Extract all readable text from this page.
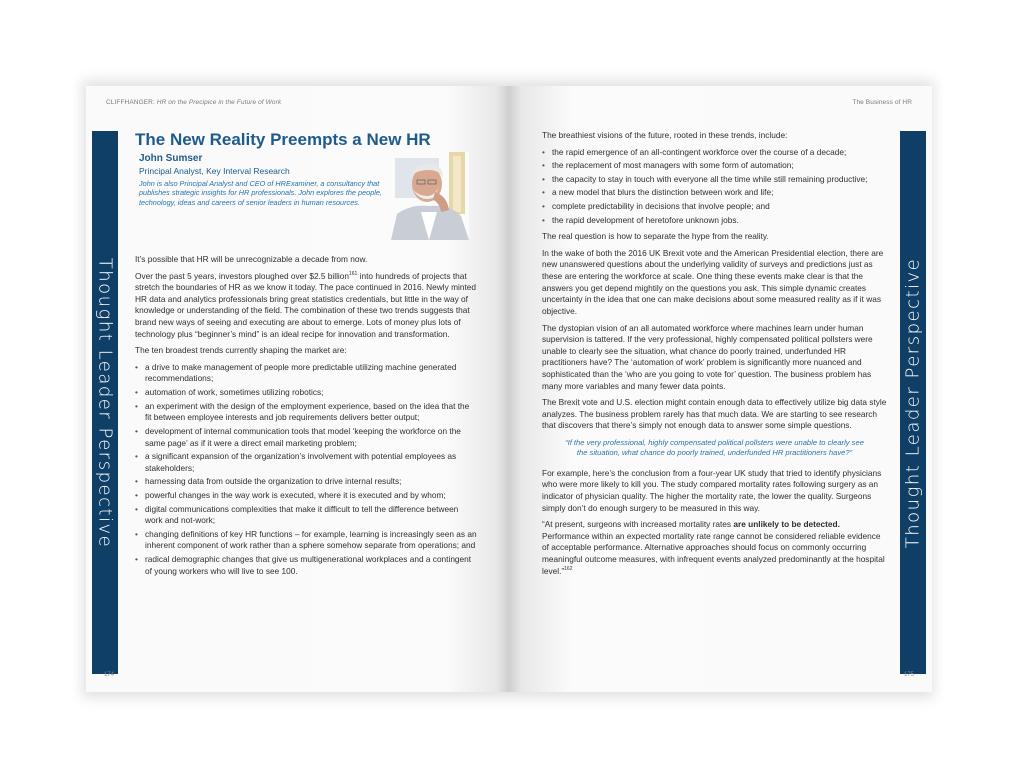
CLIFFHANGER: HR on the Precipice in the Future of Work
Thought Leader Perspective
The New Reality Preempts a New HR
John Sumser
Principal Analyst, Key Interval Research
John is also Principal Analyst and CEO of HRExaminer, a consultancy that publishes strategic insights for HR professionals. John explores the people, technology, ideas and careers of senior leaders in human resources.

It’s possible that HR will be unrecognizable a decade from now.

Over the past 5 years, investors ploughed over $2.5 billion$^{161}$ into hundreds of projects that stretch the boundaries of HR as we know it today. The pace continued in 2016. Newly minted HR data and analytics professionals bring great statistics credentials, but little in the way of knowledge or understanding of the field. The combination of these two trends suggests that brand new ways of seeing and executing are about to emerge. Lots of money plus lots of technology plus “beginner’s mind” is an ideal recipe for innovation and transformation.

The ten broadest trends currently shaping the market are:

• a drive to make management of people more predictable utilizing machine generated recommendations;
• automation of work, sometimes utilizing robotics;
• an experiment with the design of the employment experience, based on the idea that the fit between employee interests and job requirements delivers better output;
• development of internal communication tools that model ‘keeping the workforce on the same page’ as if it were a direct email marketing problem;
• a significant expansion of the organization’s involvement with potential employees as stakeholders;
• harnessing data from outside the organization to drive internal results;
• powerful changes in the way work is executed, where it is executed and by whom;
• digital communications complexities that make it difficult to tell the difference between work and not-work;
• changing definitions of key HR functions – for example, learning is increasingly seen as an inherent component of work rather than a sphere somehow separate from operations; and
• radical demographic changes that give us multigenerational workplaces and a contingent of young workers who will live to see 100.
174
The Business of HR
Thought Leader Perspective

The breathiest visions of the future, rooted in these trends, include:

• the rapid emergence of an all-contingent workforce over the course of a decade;
• the replacement of most managers with some form of automation;
• the capacity to stay in touch with everyone all the time while still remaining productive;
• a new model that blurs the distinction between work and life;
• complete predictability in decisions that involve people; and
• the rapid development of heretofore unknown jobs.

The real question is how to separate the hype from the reality.

In the wake of both the 2016 UK Brexit vote and the American Presidential election, there are new unanswered questions about the underlying validity of surveys and predictions just as these are entering the workforce at scale. One thing these events make clear is that the answers you get depend mightily on the questions you ask. This simple dynamic creates uncertainty in the idea that one can make decisions about some measured reality as if it was objective.

The dystopian vision of an all automated workforce where machines learn under human supervision is tattered. If the very professional, highly compensated political pollsters were unable to clearly see the situation, what chance do poorly trained, underfunded HR practitioners have? The ‘automation of work’ problem is significantly more nuanced and sophisticated than the ‘who are you going to vote for’ question. The business problem has many more variables and many fewer data points.

The Brexit vote and U.S. election might contain enough data to effectively utilize big data style analyzes. The business problem rarely has that much data. We are starting to see research that discovers that there’s simply not enough data to answer some simple questions.

“If the very professional, highly compensated political pollsters were unable to clearly see the situation, what chance do poorly trained, underfunded HR practitioners have?”

For example, here’s the conclusion from a four-year UK study that tried to identify physicians who were more likely to kill you. The study compared mortality rates following surgery as an indicator of physician quality. The higher the mortality rate, the lower the quality. Surgeons simply don’t do enough surgery to be measured in this way.

“At present, surgeons with increased mortality rates are unlikely to be detected. Performance within an expected mortality rate range cannot be considered reliable evidence of acceptable performance. Alternative approaches should focus on commonly occurring meaningful outcome measures, with infrequent events analyzed predominantly at the hospital level.”$^{162}$

175
